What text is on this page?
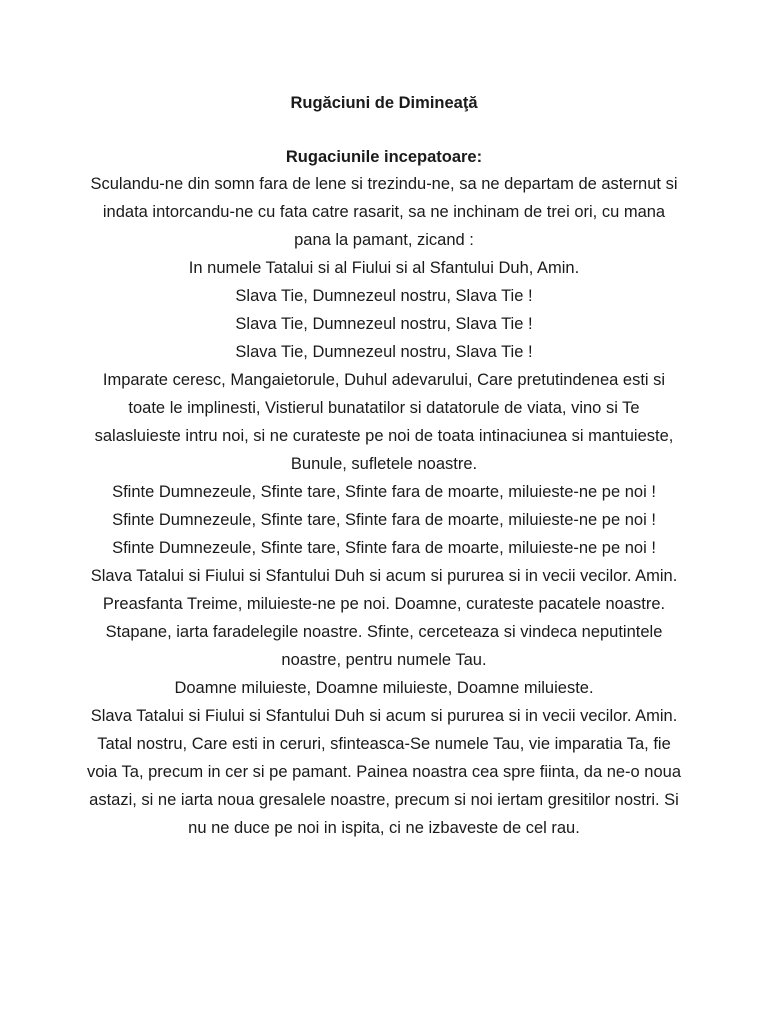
Rugăciuni de Dimineaţă
Rugaciunile incepatoare:

Sculandu-ne din somn fara de lene si trezindu-ne, sa ne departam de asternut si indata intorcandu-ne cu fata catre rasarit, sa ne inchinam de trei ori, cu mana pana la pamant, zicand :

In numele Tatalui si al Fiului si al Sfantului Duh, Amin.

Slava Tie, Dumnezeul nostru, Slava Tie !

Slava Tie, Dumnezeul nostru, Slava Tie !

Slava Tie, Dumnezeul nostru, Slava Tie !

Imparate ceresc, Mangaietorule, Duhul adevarului, Care pretutindenea esti si toate le implinesti, Vistierul bunatatilor si datatorule de viata, vino si Te salasluieste intru noi, si ne curateste pe noi de toata intinaciunea si mantuieste, Bunule, sufletele noastre.

Sfinte Dumnezeule, Sfinte tare, Sfinte fara de moarte, miluieste-ne pe noi !

Sfinte Dumnezeule, Sfinte tare, Sfinte fara de moarte, miluieste-ne pe noi !

Sfinte Dumnezeule, Sfinte tare, Sfinte fara de moarte, miluieste-ne pe noi !

Slava Tatalui si Fiului si Sfantului Duh si acum si pururea si in vecii vecilor. Amin.

Preasfanta Treime, miluieste-ne pe noi. Doamne, curateste pacatele noastre. Stapane, iarta faradelegile noastre. Sfinte, cerceteaza si vindeca neputintele noastre, pentru numele Tau.

Doamne miluieste, Doamne miluieste, Doamne miluieste.

Slava Tatalui si Fiului si Sfantului Duh si acum si pururea si in vecii vecilor. Amin.

Tatal nostru, Care esti in ceruri, sfinteasca-Se numele Tau, vie imparatia Ta, fie voia Ta, precum in cer si pe pamant. Painea noastra cea spre fiinta, da ne-o noua astazi, si ne iarta noua gresalele noastre, precum si noi iertam gresitilor nostri. Si nu ne duce pe noi in ispita, ci ne izbaveste de cel rau.
